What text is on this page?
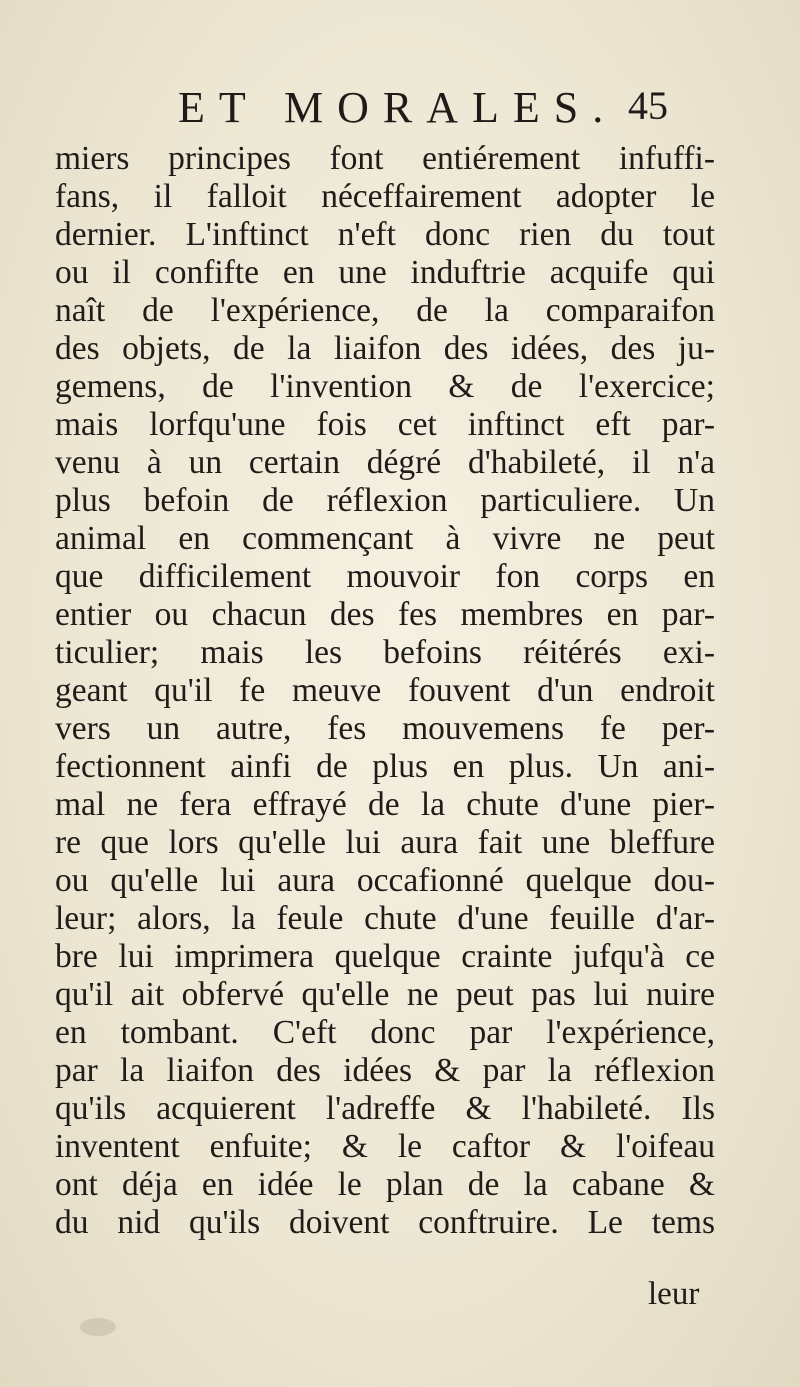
ET MORALES. 45
miers principes font entiérement infuffi-
fans, il falloit néceffairement adopter le
dernier. L'inftinct n'eft donc rien du tout
ou il confifte en une induftrie acquife qui
naît de l'expérience, de la comparaifon
des objets, de la liaifon des idées, des ju-
gemens, de l'invention & de l'exercice;
mais lorfqu'une fois cet inftinct eft par-
venu à un certain dégré d'habileté, il n'a
plus befoin de réflexion particuliere. Un
animal en commençant à vivre ne peut
que difficilement mouvoir fon corps en
entier ou chacun des fes membres en par-
ticulier; mais les befoins réitérés exi-
geant qu'il fe meuve fouvent d'un endroit
vers un autre, fes mouvemens fe per-
fectionnent ainfi de plus en plus. Un ani-
mal ne fera effrayé de la chute d'une pier-
re que lors qu'elle lui aura fait une bleffure
ou qu'elle lui aura occafionné quelque dou-
leur; alors, la feule chute d'une feuille d'ar-
bre lui imprimera quelque crainte jufqu'à ce
qu'il ait obfervé qu'elle ne peut pas lui nuire
en tombant. C'eft donc par l'expérience,
par la liaifon des idées & par la réflexion
qu'ils acquierent l'adreffe & l'habileté. Ils
inventent enfuite; & le caftor & l'oifeau
ont déja en idée le plan de la cabane &
du nid qu'ils doivent conftruire. Le tems
leur
